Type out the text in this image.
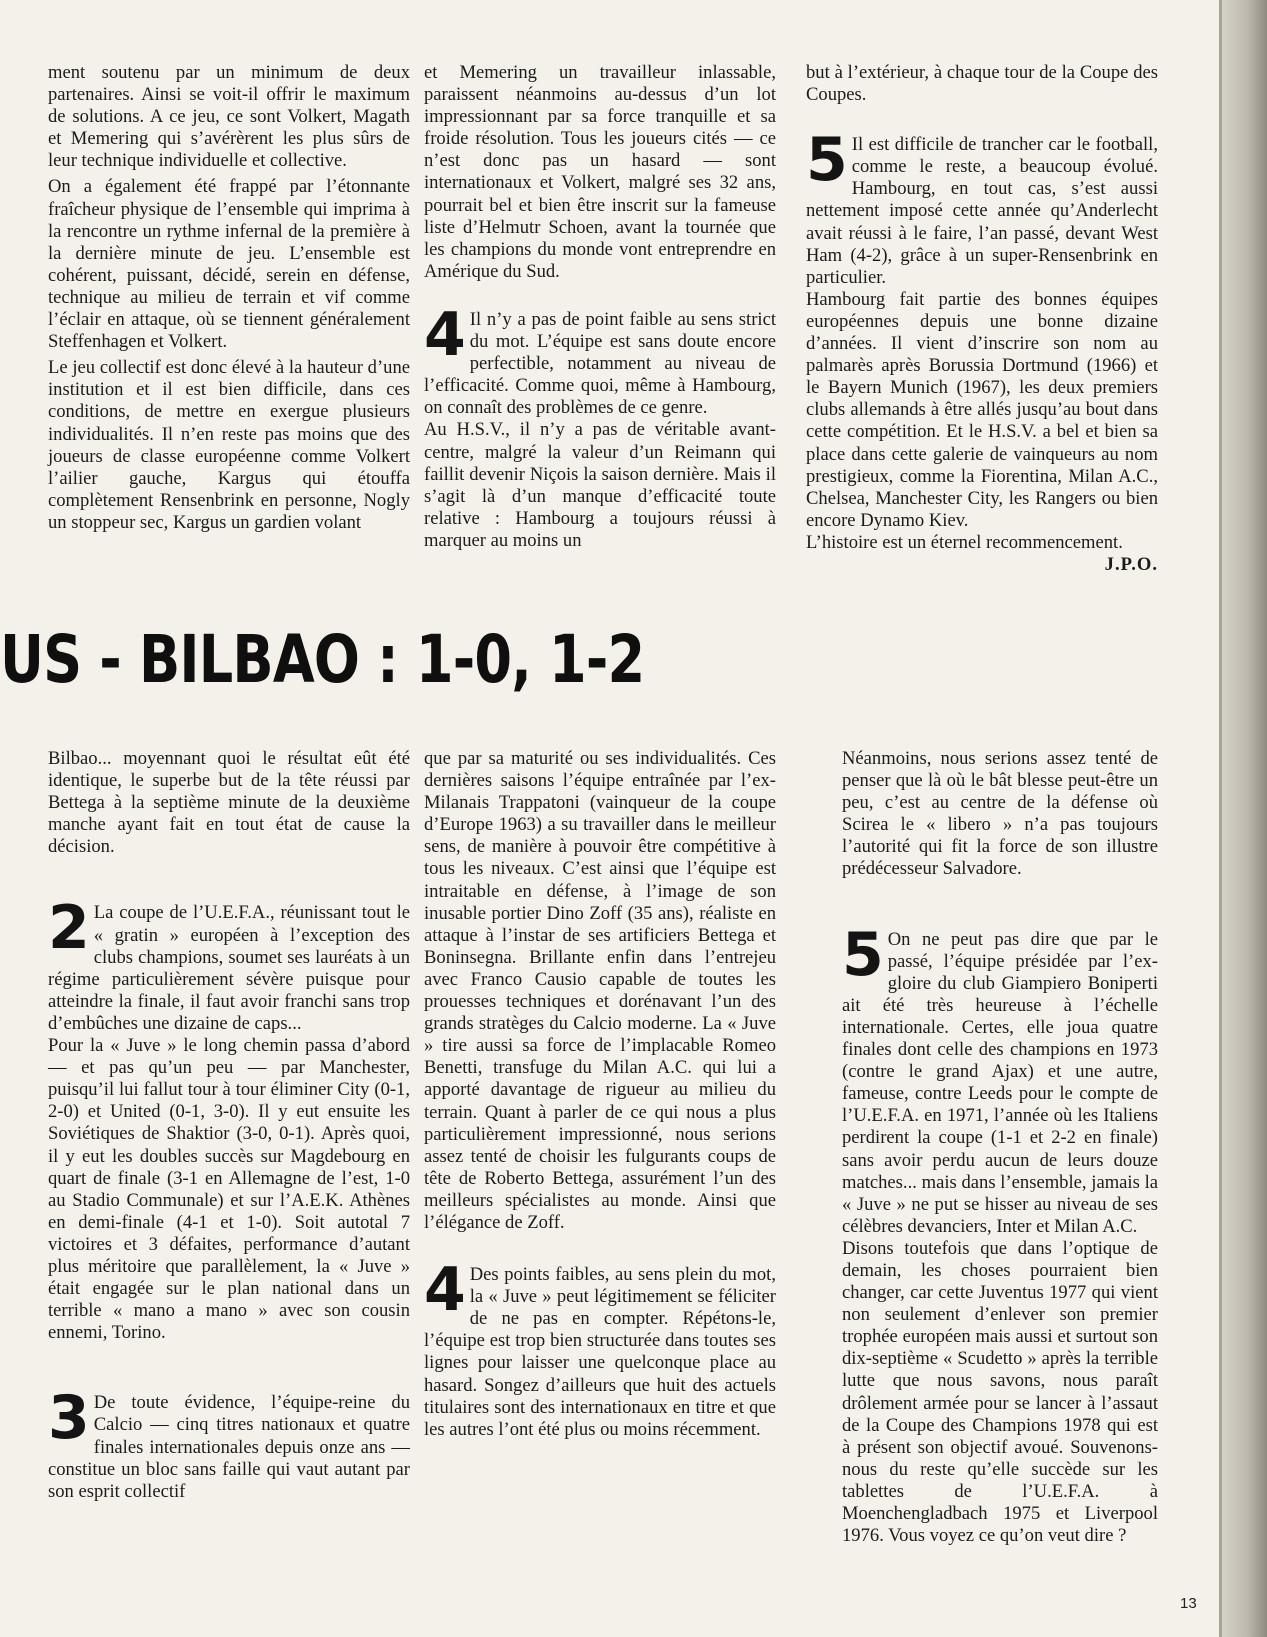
ment soutenu par un minimum de deux partenaires. Ainsi se voit-il offrir le maximum de solutions. A ce jeu, ce sont Volkert, Magath et Memering qui s’avérèrent les plus sûrs de leur technique individuelle et collective.

On a également été frappé par l’étonnante fraîcheur physique de l’ensemble qui imprima à la rencontre un rythme infernal de la première à la dernière minute de jeu. L’ensemble est cohérent, puissant, décidé, serein en défense, technique au milieu de terrain et vif comme l’éclair en attaque, où se tiennent généralement Steffenhagen et Volkert.

Le jeu collectif est donc élevé à la hauteur d’une institution et il est bien difficile, dans ces conditions, de mettre en exergue plusieurs individualités. Il n’en reste pas moins que des joueurs de classe européenne comme Volkert l’ailier gauche, Kargus qui étouffa complètement Rensenbrink en personne, Nogly un stoppeur sec, Kargus un gardien volant

et Memering un travailleur inlassable, paraissent néanmoins au-dessus d’un lot impressionnant par sa force tranquille et sa froide résolution. Tous les joueurs cités — ce n’est donc pas un hasard — sont internationaux et Volkert, malgré ses 32 ans, pourrait bel et bien être inscrit sur la fameuse liste d’Helmutr Schoen, avant la tournée que les champions du monde vont entreprendre en Amérique du Sud.

4 Il n’y a pas de point faible au sens strict du mot. L’équipe est sans doute encore perfectible, notamment au niveau de l’efficacité. Comme quoi, même à Hambourg, on connaît des problèmes de ce genre.

Au H.S.V., il n’y a pas de véritable avant-centre, malgré la valeur d’un Reimann qui faillit devenir Niçois la saison dernière. Mais il s’agit là d’un manque d’efficacité toute relative : Hambourg a toujours réussi à marquer au moins un

but à l’extérieur, à chaque tour de la Coupe des Coupes.

5 Il est difficile de trancher car le football, comme le reste, a beaucoup évolué. Hambourg, en tout cas, s’est aussi nettement imposé cette année qu’Anderlecht avait réussi à le faire, l’an passé, devant West Ham (4-2), grâce à un super-Rensenbrink en particulier.

Hambourg fait partie des bonnes équipes européennes depuis une bonne dizaine d’années. Il vient d’inscrire son nom au palmarès après Borussia Dortmund (1966) et le Bayern Munich (1967), les deux premiers clubs allemands à être allés jusqu’au bout dans cette compétition. Et le H.S.V. a bel et bien sa place dans cette galerie de vainqueurs au nom prestigieux, comme la Fiorentina, Milan A.C., Chelsea, Manchester City, les Rangers ou bien encore Dynamo Kiev.

L’histoire est un éternel recommencement.
J.P.O.

US - BILBAO : 1-0, 1-2

Bilbao... moyennant quoi le résultat eût été identique, le superbe but de la tête réussi par Bettega à la septième minute de la deuxième manche ayant fait en tout état de cause la décision.

2 La coupe de l’U.E.F.A., réunissant tout le « gratin » européen à l’exception des clubs champions, soumet ses lauréats à un régime particulièrement sévère puisque pour atteindre la finale, il faut avoir franchi sans trop d’embûches une dizaine de caps...

Pour la « Juve » le long chemin passa d’abord — et pas qu’un peu — par Manchester, puisqu’il lui fallut tour à tour éliminer City (0-1, 2-0) et United (0-1, 3-0). Il y eut ensuite les Soviétiques de Shaktior (3-0, 0-1). Après quoi, il y eut les doubles succès sur Magdebourg en quart de finale (3-1 en Allemagne de l’est, 1-0 au Stadio Communale) et sur l’A.E.K. Athènes en demi-finale (4-1 et 1-0). Soit autotal 7 victoires et 3 défaites, performance d’autant plus méritoire que parallèlement, la « Juve » était engagée sur le plan national dans un terrible « mano a mano » avec son cousin ennemi, Torino.

3 De toute évidence, l’équipe-reine du Calcio — cinq titres nationaux et quatre finales internationales depuis onze ans — constitue un bloc sans faille qui vaut autant par son esprit collectif

que par sa maturité ou ses individualités. Ces dernières saisons l’équipe entraînée par l’ex-Milanais Trappatoni (vainqueur de la coupe d’Europe 1963) a su travailler dans le meilleur sens, de manière à pouvoir être compétitive à tous les niveaux. C’est ainsi que l’équipe est intraitable en défense, à l’image de son inusable portier Dino Zoff (35 ans), réaliste en attaque à l’instar de ses artificiers Bettega et Boninsegna. Brillante enfin dans l’entrejeu avec Franco Causio capable de toutes les prouesses techniques et dorénavant l’un des grands stratèges du Calcio moderne. La « Juve » tire aussi sa force de l’implacable Romeo Benetti, transfuge du Milan A.C. qui lui a apporté davantage de rigueur au milieu du terrain. Quant à parler de ce qui nous a plus particulièrement impressionné, nous serions assez tenté de choisir les fulgurants coups de tête de Roberto Bettega, assurément l’un des meilleurs spécialistes au monde. Ainsi que l’élégance de Zoff.

4 Des points faibles, au sens plein du mot, la « Juve » peut légitimement se féliciter de ne pas en compter. Répétons-le, l’équipe est trop bien structurée dans toutes ses lignes pour laisser une quelconque place au hasard. Songez d’ailleurs que huit des actuels titulaires sont des internationaux en titre et que les autres l’ont été plus ou moins récemment.

Néanmoins, nous serions assez tenté de penser que là où le bât blesse peut-être un peu, c’est au centre de la défense où Scirea le « libero » n’a pas toujours l’autorité qui fit la force de son illustre prédécesseur Salvadore.

5 On ne peut pas dire que par le passé, l’équipe présidée par l’ex-gloire du club Giampiero Boniperti ait été très heureuse à l’échelle internationale. Certes, elle joua quatre finales dont celle des champions en 1973 (contre le grand Ajax) et une autre, fameuse, contre Leeds pour le compte de l’U.E.F.A. en 1971, l’année où les Italiens perdirent la coupe (1-1 et 2-2 en finale) sans avoir perdu aucun de leurs douze matches... mais dans l’ensemble, jamais la « Juve » ne put se hisser au niveau de ses célèbres devanciers, Inter et Milan A.C.

Disons toutefois que dans l’optique de demain, les choses pourraient bien changer, car cette Juventus 1977 qui vient non seulement d’enlever son premier trophée européen mais aussi et surtout son dix-septième « Scudetto » après la terrible lutte que nous savons, nous paraît drôlement armée pour se lancer à l’assaut de la Coupe des Champions 1978 qui est à présent son objectif avoué. Souvenons-nous du reste qu’elle succède sur les tablettes de l’U.E.F.A. à Moenchengladbach 1975 et Liverpool 1976. Vous voyez ce qu’on veut dire ?

13
